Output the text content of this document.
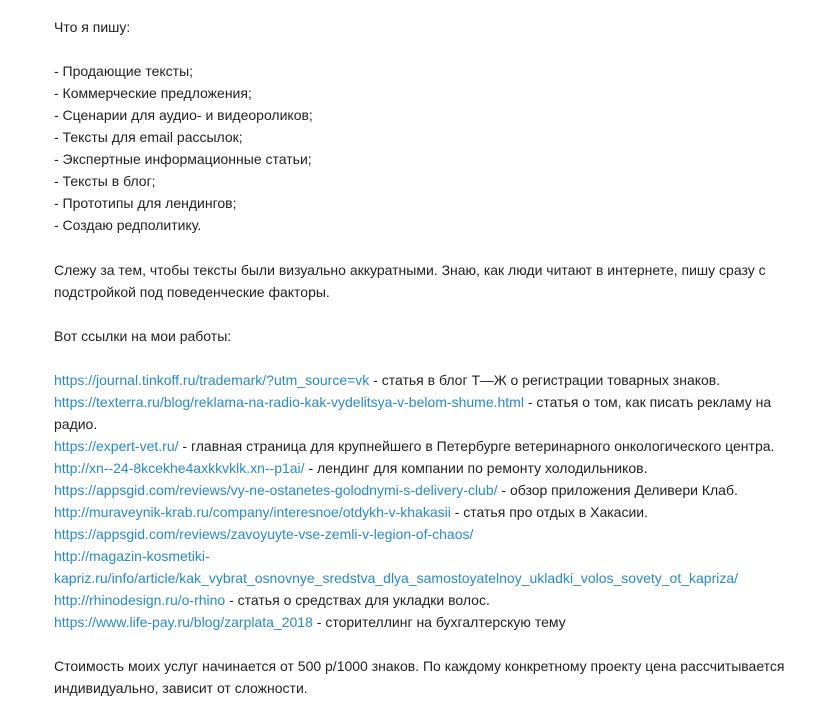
Что я пишу:
- Продающие тексты;
- Коммерческие предложения;
- Сценарии для аудио- и видеороликов;
- Тексты для email рассылок;
- Экспертные информационные статьи;
- Тексты в блог;
- Прототипы для лендингов;
- Создаю редполитику.
Слежу за тем, чтобы тексты были визуально аккуратными. Знаю, как люди читают в интернете, пишу сразу с
подстройкой под поведенческие факторы.
Вот ссылки на мои работы:
https://journal.tinkoff.ru/trademark/?utm_source=vk - статья в блог Т—Ж о регистрации товарных знаков.
https://texterra.ru/blog/reklama-na-radio-kak-vydelitsya-v-belom-shume.html - статья о том, как писать рекламу на
радио.
https://expert-vet.ru/ - главная страница для крупнейшего в Петербурге ветеринарного онкологического центра.
http://xn--24-8kcekhe4axkkvklk.xn--p1ai/ - лендинг для компании по ремонту холодильников.
https://appsgid.com/reviews/vy-ne-ostanetes-golodnymi-s-delivery-club/ - обзор приложения Деливери Клаб.
http://muraveynik-krab.ru/company/interesnoe/otdykh-v-khakasii - статья про отдых в Хакасии.
https://appsgid.com/reviews/zavoyuyte-vse-zemli-v-legion-of-chaos/
http://magazin-kosmetiki-
kapriz.ru/info/article/kak_vybrat_osnovnye_sredstva_dlya_samostoyatelnoy_ukladki_volos_sovety_ot_kapriza/
http://rhinodesign.ru/o-rhino - статья о средствах для укладки волос.
https://www.life-pay.ru/blog/zarplata_2018 - сторителлинг на бухгалтерскую тему
Стоимость моих услуг начинается от 500 р/1000 знаков. По каждому конкретному проекту цена рассчитывается
индивидуально, зависит от сложности.
